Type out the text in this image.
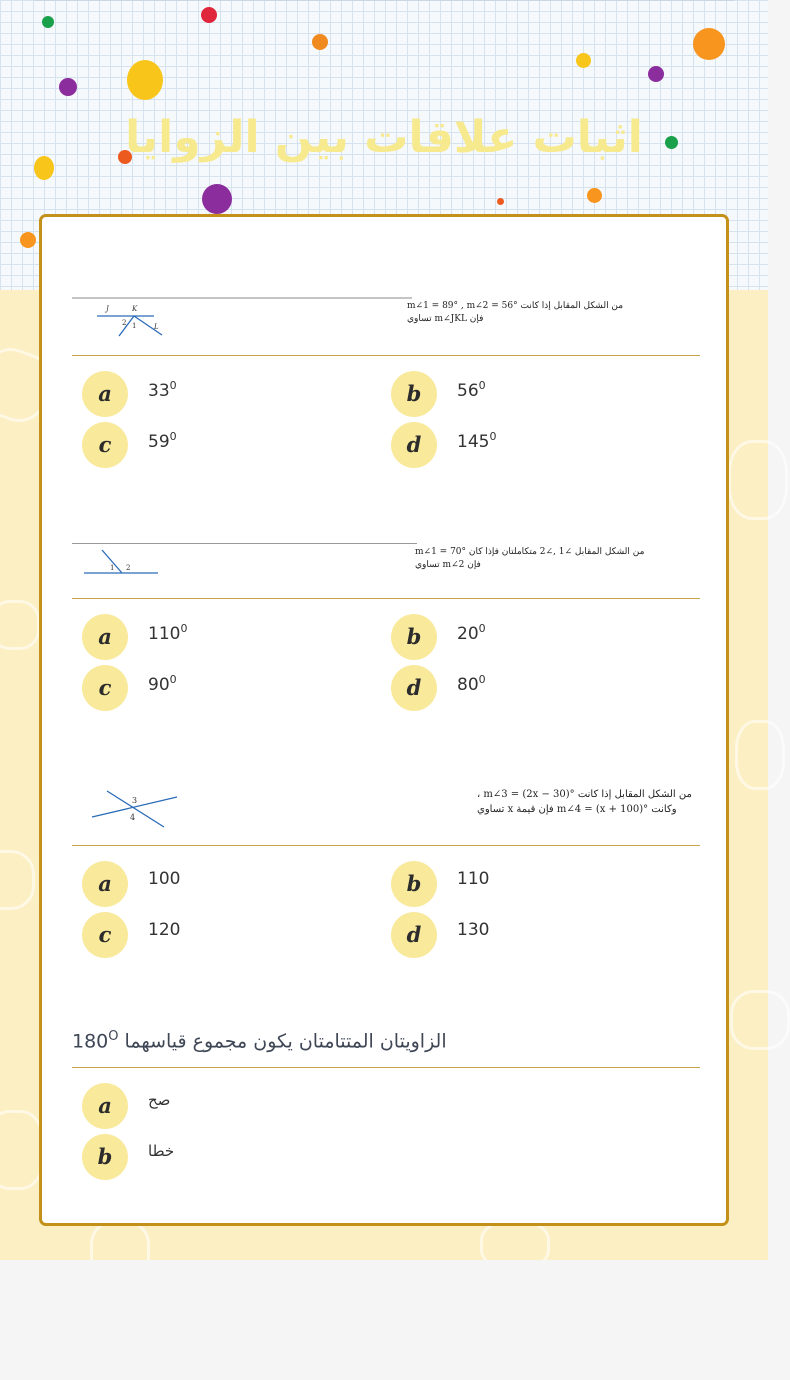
اثبات علاقات بين الزوايا
J	K
2 1	L
من الشكل المقابل إذا كانت °m∠1 = 89° , m∠2 = 56
فإن m∠JKL تساوي
a	$33^0$	b	$56^0$
c	$59^0$	d	$145^0$
1 2
من الشكل المقابل ∠1 ,∠2 متكاملتان فإذا كان °m∠1 = 70
فإن m∠2 تساوي
a	$110^0$	b	$20^0$
c	$90^0$	d	$80^0$
3
4
من الشكل المقابل إذا كانت °m∠3 = (2x − 30) ،
وكانت °m∠4 = (x + 100) فإن قيمة x تساوي
a	100	b	110
c	120	d	130
$180^O$ الزاويتان المتتامتان يكون مجموع قياسهما
a	صح
b	خطا
